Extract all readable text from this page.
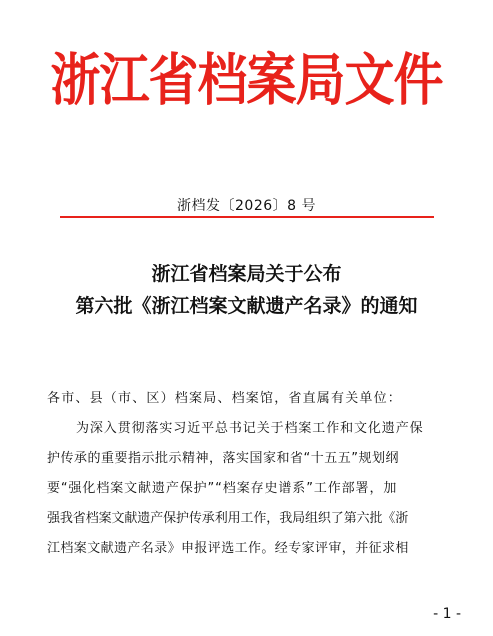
浙江省档案局文件
浙档发〔2026〕8 号
浙江省档案局关于公布
第六批《浙江档案文献遗产名录》的通知
各市、县（市、区）档案局、档案馆，省直属有关单位：
为深入贯彻落实习近平总书记关于档案工作和文化遗产保
护传承的重要指示批示精神，落实国家和省“十五五”规划纲
要“强化档案文献遗产保护”“档案存史谱系”工作部署，加
强我省档案文献遗产保护传承利用工作，我局组织了第六批《浙
江档案文献遗产名录》申报评选工作。经专家评审，并征求相
- 1 -
